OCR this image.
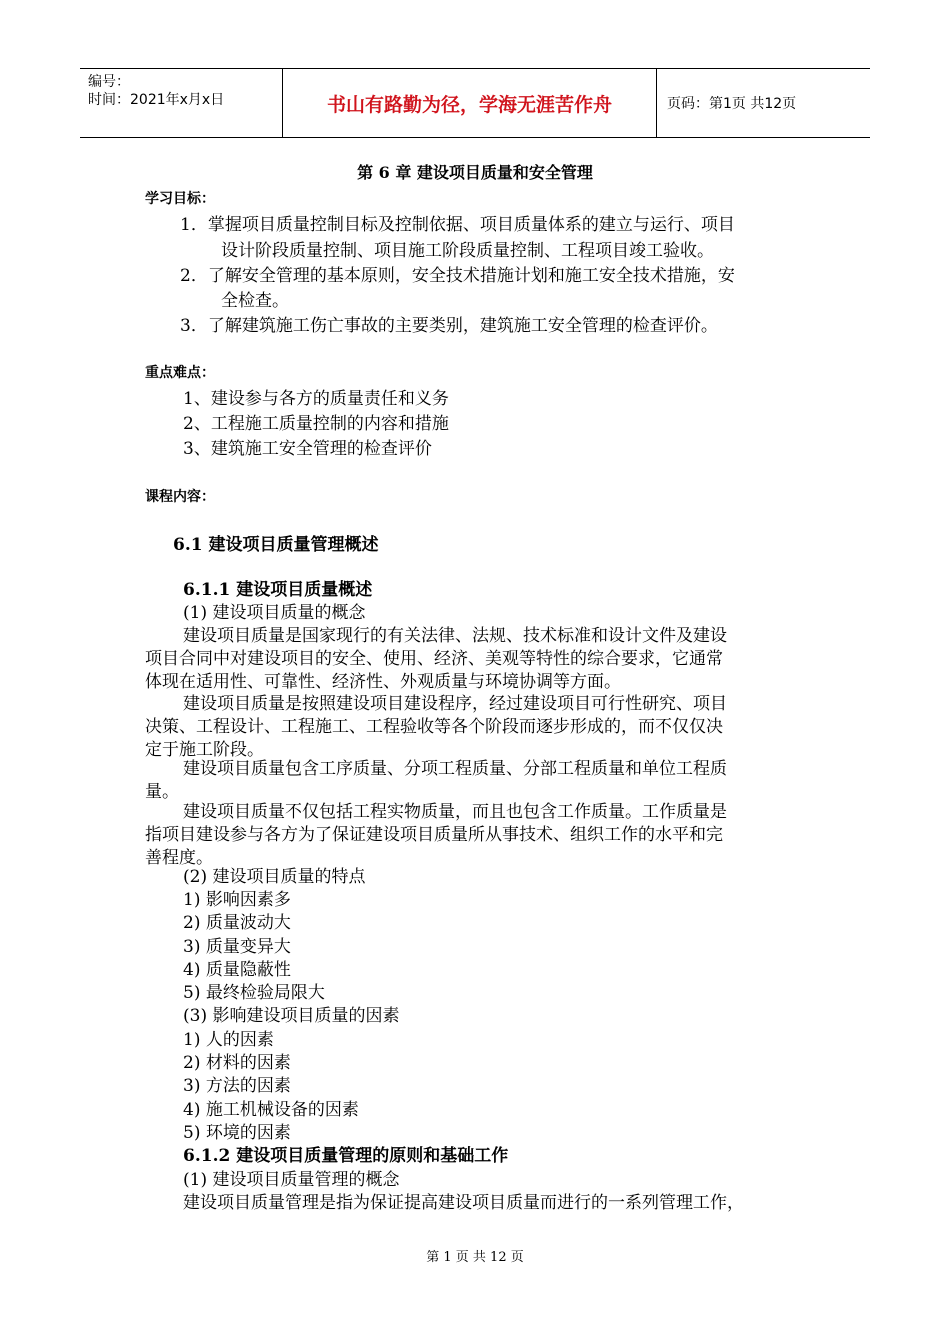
编号：
时间：2021年x月x日	书山有路勤为径，学海无涯苦作舟	页码：第1页 共12页
第 6 章 建设项目质量和安全管理
学习目标：
1．掌握项目质量控制目标及控制依据、项目质量体系的建立与运行、项目
设计阶段质量控制、项目施工阶段质量控制、工程项目竣工验收。
2．了解安全管理的基本原则，安全技术措施计划和施工安全技术措施，安
全检查。
3．了解建筑施工伤亡事故的主要类别，建筑施工安全管理的检查评价。
重点难点：
1、建设参与各方的质量责任和义务
2、工程施工质量控制的内容和措施
3、建筑施工安全管理的检查评价
课程内容：
6.1 建设项目质量管理概述
6.1.1 建设项目质量概述
(1) 建设项目质量的概念
建设项目质量是国家现行的有关法律、法规、技术标准和设计文件及建设
项目合同中对建设项目的安全、使用、经济、美观等特性的综合要求，它通常
体现在适用性、可靠性、经济性、外观质量与环境协调等方面。
建设项目质量是按照建设项目建设程序，经过建设项目可行性研究、项目
决策、工程设计、工程施工、工程验收等各个阶段而逐步形成的，而不仅仅决
定于施工阶段。
建设项目质量包含工序质量、分项工程质量、分部工程质量和单位工程质
量。
建设项目质量不仅包括工程实物质量，而且也包含工作质量。工作质量是
指项目建设参与各方为了保证建设项目质量所从事技术、组织工作的水平和完
善程度。
(2) 建设项目质量的特点
1) 影响因素多
2) 质量波动大
3) 质量变异大
4) 质量隐蔽性
5) 最终检验局限大
(3) 影响建设项目质量的因素
1) 人的因素
2) 材料的因素
3) 方法的因素
4) 施工机械设备的因素
5) 环境的因素
6.1.2 建设项目质量管理的原则和基础工作
(1) 建设项目质量管理的概念
建设项目质量管理是指为保证提高建设项目质量而进行的一系列管理工作，
第 1 页 共 12 页
